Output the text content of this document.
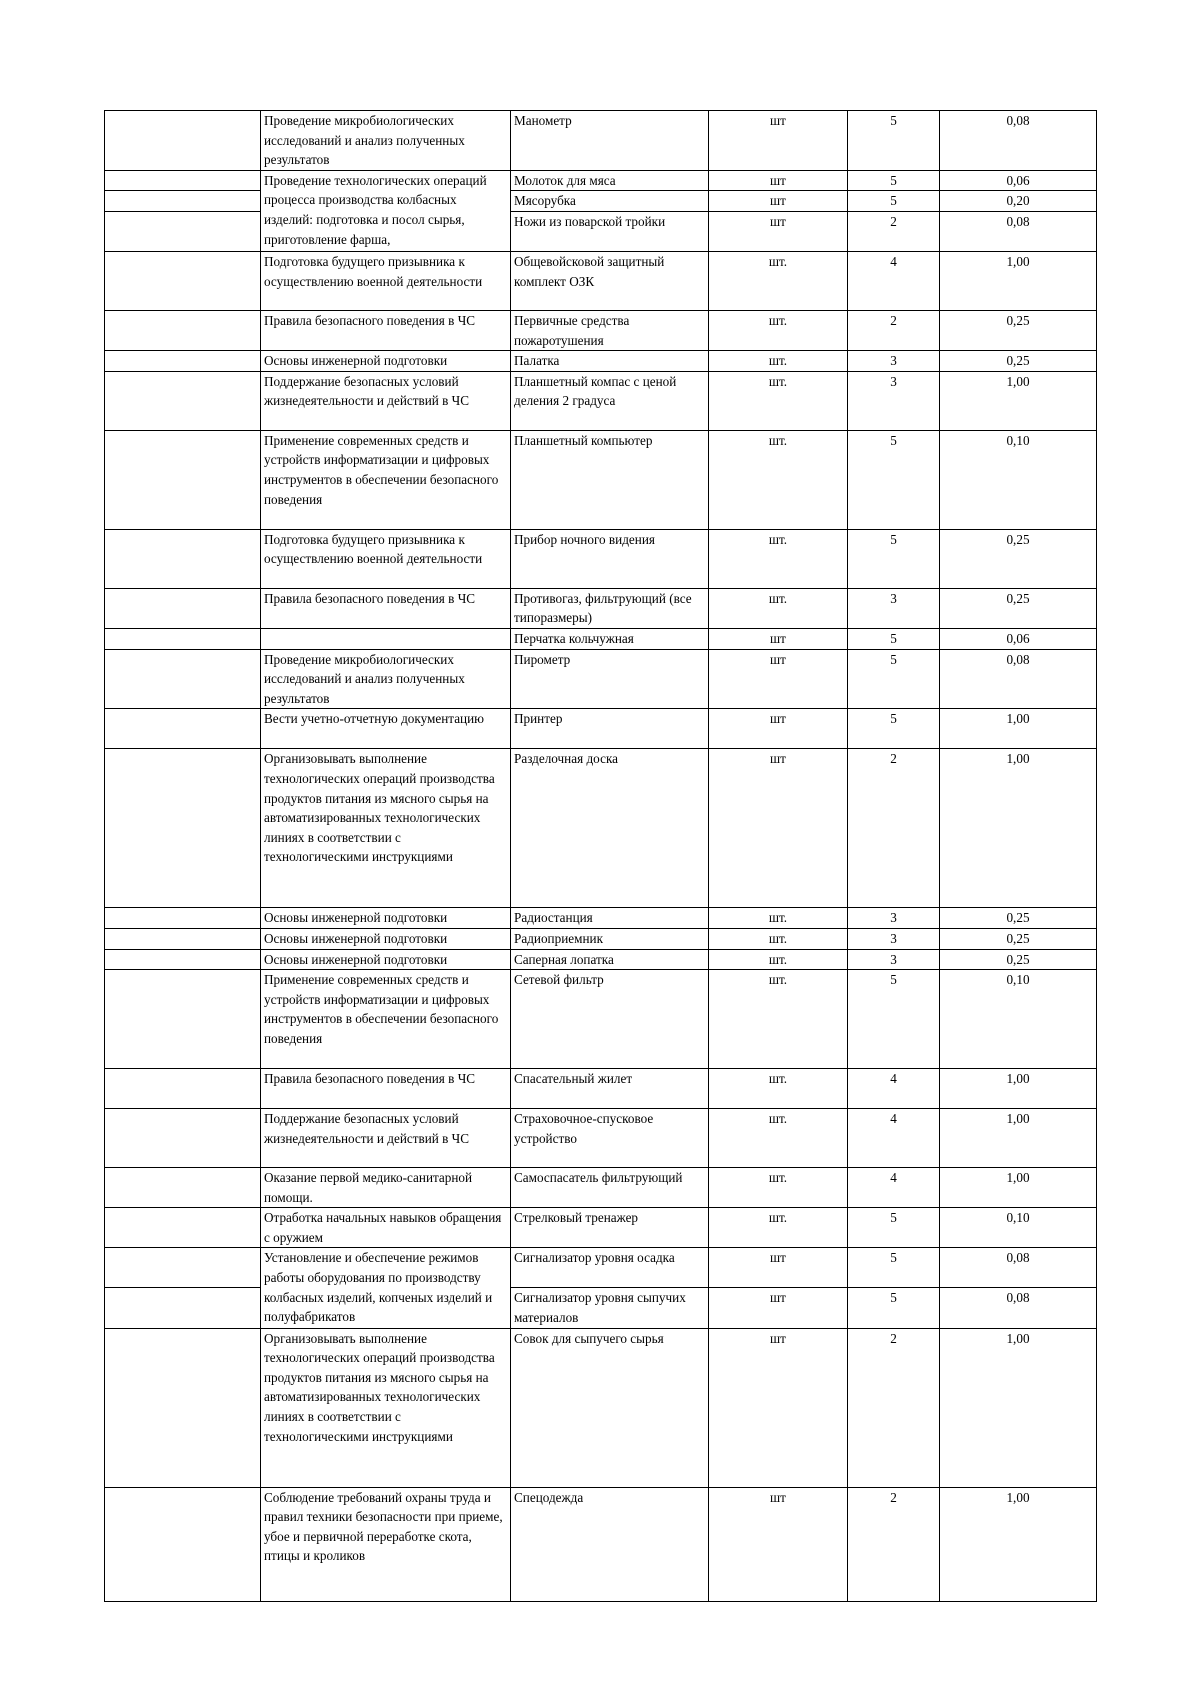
	Проведение микробиологических исследований и анализ полученных результатов	Манометр	шт	5	0,08
	Проведение технологических операций процесса производства колбасных изделий: подготовка и посол сырья, приготовление фарша,	Молоток для мяса	шт	5	0,06
		Мясорубка	шт	5	0,20
		Ножи из поварской тройки	шт	2	0,08
	Подготовка будущего призывника к осуществлению военной деятельности	Общевойсковой защитный комплект ОЗК	шт.	4	1,00
	Правила безопасного поведения в ЧС	Первичные средства пожаротушения	шт.	2	0,25
	Основы инженерной подготовки	Палатка	шт.	3	0,25
	Поддержание безопасных условий жизнедеятельности и действий в ЧС	Планшетный компас с ценой деления 2 градуса	шт.	3	1,00
	Применение современных средств и устройств информатизации и цифровых инструментов в обеспечении безопасного поведения	Планшетный компьютер	шт.	5	0,10
	Подготовка будущего призывника к осуществлению военной деятельности	Прибор ночного видения	шт.	5	0,25
	Правила безопасного поведения в ЧС	Противогаз, фильтрующий (все типоразмеры)	шт.	3	0,25
		Перчатка кольчужная	шт	5	0,06
	Проведение микробиологических исследований и анализ полученных результатов	Пирометр	шт	5	0,08
	Вести учетно-отчетную документацию	Принтер	шт	5	1,00
	Организовывать выполнение технологических операций производства продуктов питания из мясного сырья на автоматизированных технологических линиях в соответствии с технологическими инструкциями	Разделочная доска	шт	2	1,00
	Основы инженерной подготовки	Радиостанция	шт.	3	0,25
	Основы инженерной подготовки	Радиоприемник	шт.	3	0,25
	Основы инженерной подготовки	Саперная лопатка	шт.	3	0,25
	Применение современных средств и устройств информатизации и цифровых инструментов в обеспечении безопасного поведения	Сетевой фильтр	шт.	5	0,10
	Правила безопасного поведения в ЧС	Спасательный жилет	шт.	4	1,00
	Поддержание безопасных условий жизнедеятельности и действий в ЧС	Страховочное-спусковое устройство	шт.	4	1,00
	Оказание первой медико-санитарной помощи.	Самоспасатель фильтрующий	шт.	4	1,00
	Отработка начальных навыков обращения с оружием	Стрелковый тренажер	шт.	5	0,10
	Установление и обеспечение режимов работы оборудования по производству колбасных изделий, копченых изделий и полуфабрикатов	Сигнализатор уровня осадка	шт	5	0,08
		Сигнализатор уровня сыпучих материалов	шт	5	0,08
	Организовывать выполнение технологических операций производства продуктов питания из мясного сырья на автоматизированных технологических линиях в соответствии с технологическими инструкциями	Совок для сыпучего сырья	шт	2	1,00
	Соблюдение требований охраны труда и правил техники безопасности при приеме, убое и первичной переработке скота, птицы и кроликов	Спецодежда	шт	2	1,00
